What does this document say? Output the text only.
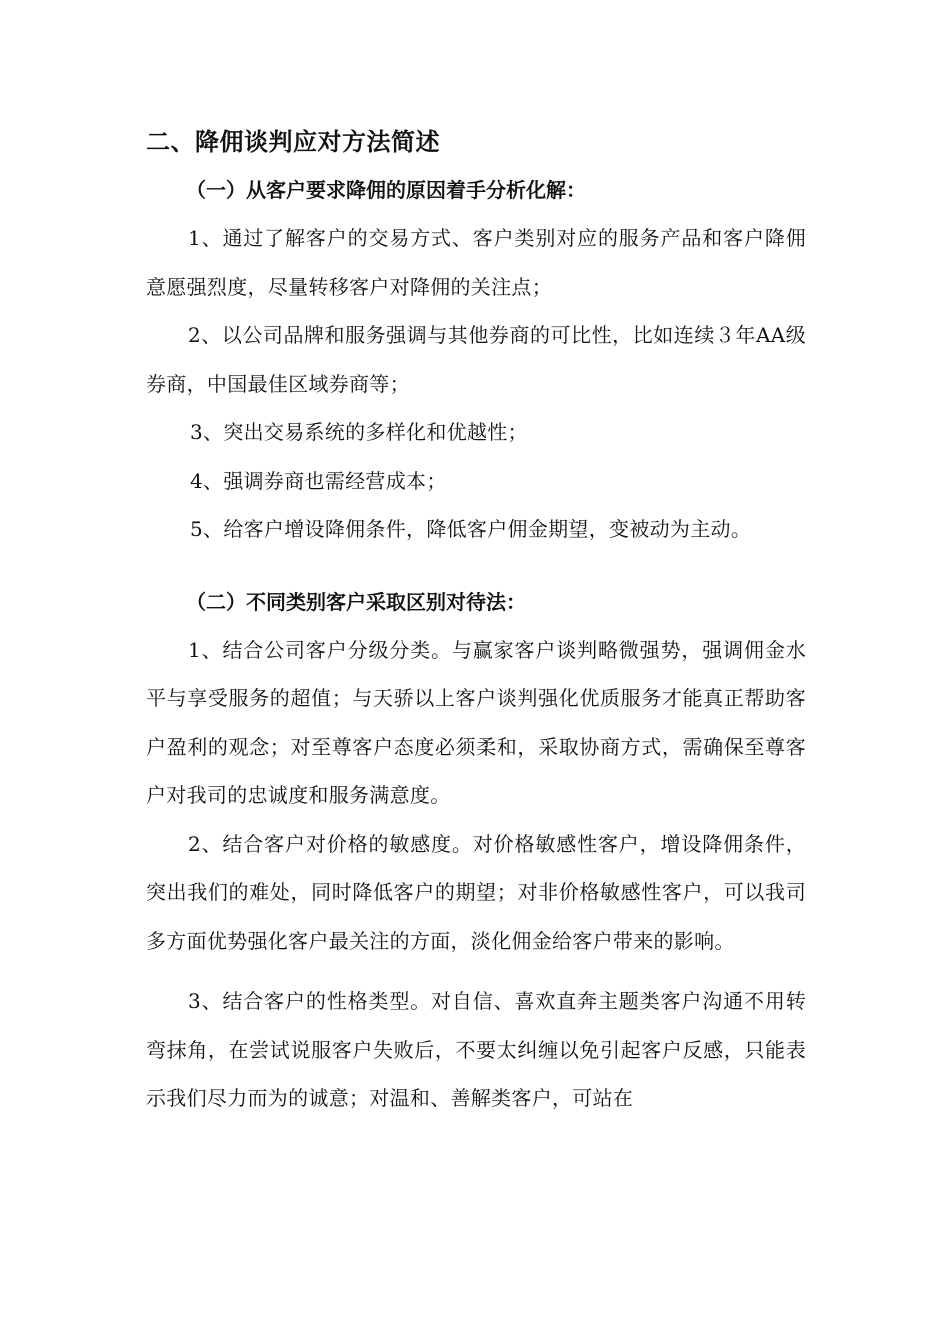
二、降佣谈判应对方法简述
（一）从客户要求降佣的原因着手分析化解：

1、通过了解客户的交易方式、客户类别对应的服务产品和客户降佣意愿强烈度，尽量转移客户对降佣的关注点；

2、以公司品牌和服务强调与其他券商的可比性，比如连续３年AA级券商，中国最佳区域券商等；

3、突出交易系统的多样化和优越性；

4、强调券商也需经营成本；

5、给客户增设降佣条件，降低客户佣金期望，变被动为主动。

（二）不同类别客户采取区别对待法：

1、结合公司客户分级分类。与赢家客户谈判略微强势，强调佣金水平与享受服务的超值；与天骄以上客户谈判强化优质服务才能真正帮助客户盈利的观念；对至尊客户态度必须柔和，采取协商方式，需确保至尊客户对我司的忠诚度和服务满意度。

2、结合客户对价格的敏感度。对价格敏感性客户，增设降佣条件，突出我们的难处，同时降低客户的期望；对非价格敏感性客户，可以我司多方面优势强化客户最关注的方面，淡化佣金给客户带来的影响。

3、结合客户的性格类型。对自信、喜欢直奔主题类客户沟通不用转弯抹角，在尝试说服客户失败后，不要太纠缠以免引起客户反感，只能表示我们尽力而为的诚意；对温和、善解类客户，可站在
